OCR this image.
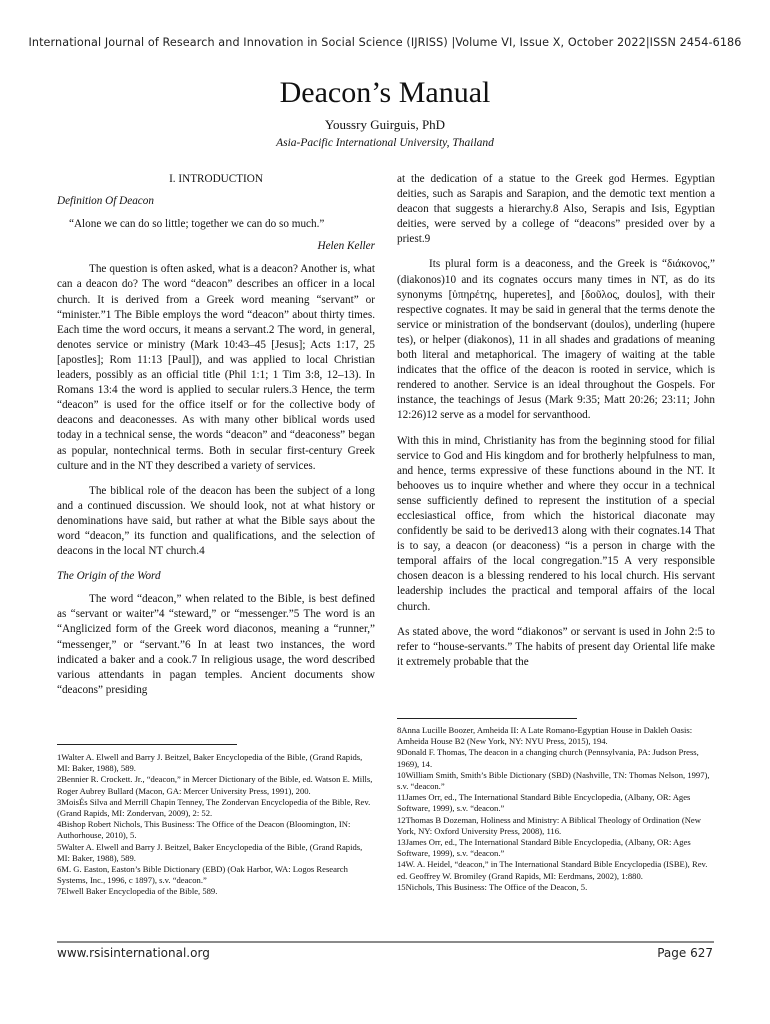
International Journal of Research and Innovation in Social Science (IJRISS) |Volume VI, Issue X, October 2022|ISSN 2454-6186
Deacon’s Manual
Youssry Guirguis, PhD
Asia-Pacific International University, Thailand
I. INTRODUCTION
Definition Of Deacon
“Alone we can do so little; together we can do so much.”
Helen Keller

The question is often asked, what is a deacon? Another is, what can a deacon do? The word “deacon” describes an officer in a local church. It is derived from a Greek word meaning “servant” or “minister.”1 The Bible employs the word “deacon” about thirty times. Each time the word occurs, it means a servant.2 The word, in general, denotes service or ministry (Mark 10:43–45 [Jesus]; Acts 1:17, 25 [apostles]; Rom 11:13 [Paul]), and was applied to local Christian leaders, possibly as an official title (Phil 1:1; 1 Tim 3:8, 12–13). In Romans 13:4 the word is applied to secular rulers.3 Hence, the term “deacon” is used for the office itself or for the collective body of deacons and deaconesses. As with many other biblical words used today in a technical sense, the words “deacon” and “deaconess” began as popular, nontechnical terms. Both in secular first-century Greek culture and in the NT they described a variety of services.

The biblical role of the deacon has been the subject of a long and a continued discussion. We should look, not at what history or denominations have said, but rather at what the Bible says about the word “deacon,” its function and qualifications, and the selection of deacons in the local NT church.4

The Origin of the Word

The word “deacon,” when related to the Bible, is best defined as “servant or waiter”4 “steward,” or “messenger.”5 The word is an “Anglicized form of the Greek word diaconos, meaning a “runner,” “messenger,” or “servant.”6 In at least two instances, the word indicated a baker and a cook.7 In religious usage, the word described various attendants in pagan temples. Ancient documents show “deacons” presiding

at the dedication of a statue to the Greek god Hermes. Egyptian deities, such as Sarapis and Sarapion, and the demotic text mention a deacon that suggests a hierarchy.8 Also, Serapis and Isis, Egyptian deities, were served by a college of “deacons” presided over by a priest.9

Its plural form is a deaconess, and the Greek is “διάκονος,” (diakonos)10 and its cognates occurs many times in NT, as do its synonyms [ὑπηρέτης, huperetes], and [δοῦλος, doulos], with their respective cognates. It may be said in general that the terms denote the service or ministration of the bondservant (doulos), underling (hupere tes), or helper (diakonos), 11 in all shades and gradations of meaning both literal and metaphorical. The imagery of waiting at the table indicates that the office of the deacon is rooted in service, which is rendered to another. Service is an ideal throughout the Gospels. For instance, the teachings of Jesus (Mark 9:35; Matt 20:26; 23:11; John 12:26)12 serve as a model for servanthood.

With this in mind, Christianity has from the beginning stood for filial service to God and His kingdom and for brotherly helpfulness to man, and hence, terms expressive of these functions abound in the NT. It behooves us to inquire whether and where they occur in a technical sense sufficiently defined to represent the institution of a special ecclesiastical office, from which the historical diaconate may confidently be said to be derived13 along with their cognates.14 That is to say, a deacon (or deaconess) “is a person in charge with the temporal affairs of the local congregation.”15 A very responsible chosen deacon is a blessing rendered to his local church. His servant leadership includes the practical and temporal affairs of the local church.

As stated above, the word “diakonos” or servant is used in John 2:5 to refer to “house-servants.” The habits of present day Oriental life make it extremely probable that the

1Walter A. Elwell and Barry J. Beitzel, Baker Encyclopedia of the Bible, (Grand Rapids, MI: Baker, 1988), 589.
2Bennier R. Crockett. Jr., “deacon,” in Mercer Dictionary of the Bible, ed. Watson E. Mills, Roger Aubrey Bullard (Macon, GA: Mercer University Press, 1991), 200.
3MoisÉs Silva and Merrill Chapin Tenney, The Zondervan Encyclopedia of the Bible, Rev. (Grand Rapids, MI: Zondervan, 2009), 2: 52.
4Bishop Robert Nichols, This Business: The Office of the Deacon (Bloomington, IN: Authorhouse, 2010), 5.
5Walter A. Elwell and Barry J. Beitzel, Baker Encyclopedia of the Bible, (Grand Rapids, MI: Baker, 1988), 589.
6M. G. Easton, Easton’s Bible Dictionary (EBD) (Oak Harbor, WA: Logos Research Systems, Inc., 1996, c 1897), s.v. “deacon.”
7Elwell Baker Encyclopedia of the Bible, 589.
8Anna Lucille Boozer, Amheida II: A Late Romano-Egyptian House in Dakleh Oasis: Amheida House B2 (New York, NY: NYU Press, 2015), 194.
9Donald F. Thomas, The deacon in a changing church (Pennsylvania, PA: Judson Press, 1969), 14.
10William Smith, Smith’s Bible Dictionary (SBD) (Nashville, TN: Thomas Nelson, 1997), s.v. “deacon.”
11James Orr, ed., The International Standard Bible Encyclopedia, (Albany, OR: Ages Software, 1999), s.v. “deacon.”
12Thomas B Dozeman, Holiness and Ministry: A Biblical Theology of Ordination (New York, NY: Oxford University Press, 2008), 116.
13James Orr, ed., The International Standard Bible Encyclopedia, (Albany, OR: Ages Software, 1999), s.v. “deacon.”
14W. A. Heidel, “deacon,” in The International Standard Bible Encyclopedia (ISBE), Rev. ed. Geoffrey W. Bromiley (Grand Rapids, MI: Eerdmans, 2002), 1:880.
15Nichols, This Business: The Office of the Deacon, 5.
www.rsisinternational.org	Page 627
